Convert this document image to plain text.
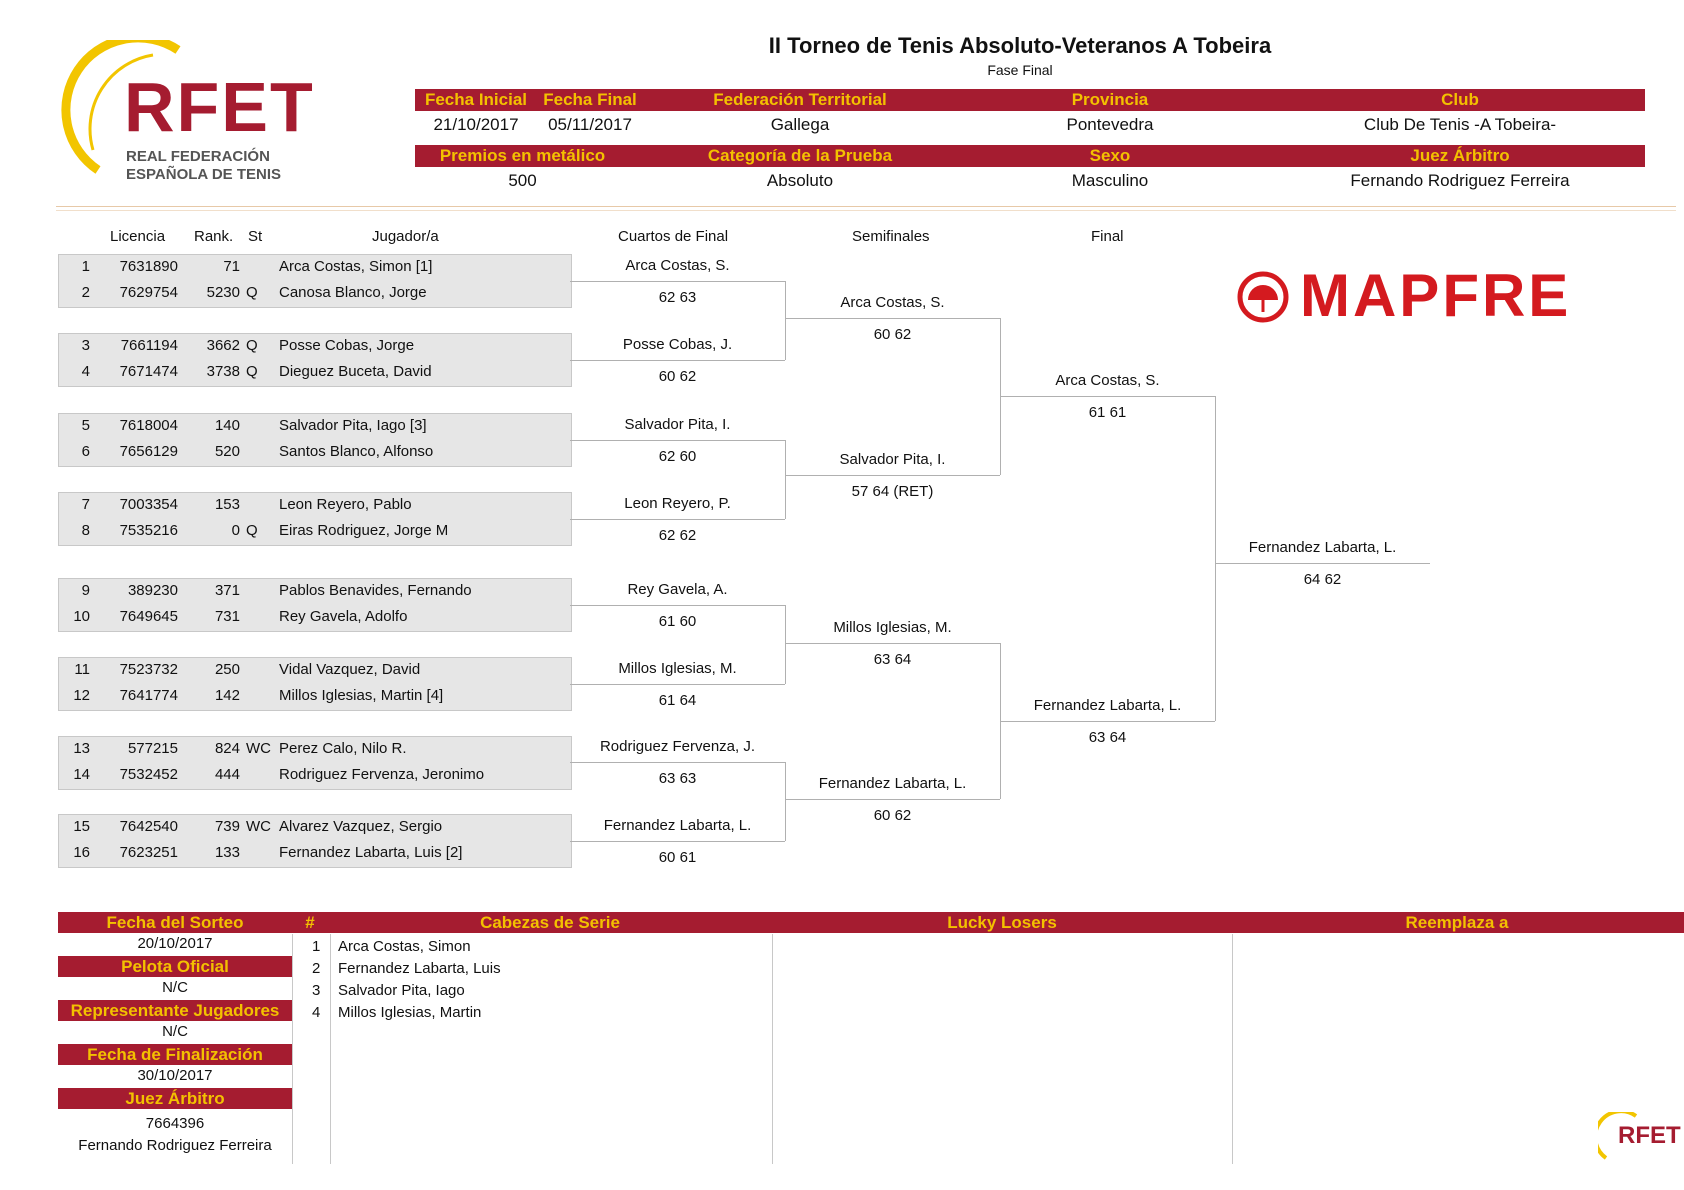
RFET
REAL FEDERACIÓN
ESPAÑOLA DE TENIS
II Torneo de Tenis Absoluto-Veteranos A Tobeira
Fase Final
Fecha Inicial Fecha Final	Federación Territorial	Provincia	Club
21/10/2017	05/11/2017	Gallega	Pontevedra	Club De Tenis -A Tobeira-
Premios en metálico	Categoría de la Prueba	Sexo	Juez Árbitro
500	Absoluto	Masculino	Fernando Rodriguez Ferreira
MAPFRE
Licencia Rank. St	Jugador/a	Cuartos de Final	Semifinales	Final
1	7631890	71	Arca Costas, Simon [1]
2	7629754	5230 Q	Canosa Blanco, Jorge
3	7661194	3662 Q	Posse Cobas, Jorge
4	7671474	3738 Q	Dieguez Buceta, David
5	7618004	140	Salvador Pita, Iago [3]
6	7656129	520	Santos Blanco, Alfonso
7	7003354	153	Leon Reyero, Pablo
8	7535216	0 Q	Eiras Rodriguez, Jorge M
9	389230	371	Pablos Benavides, Fernando
10	7649645	731	Rey Gavela, Adolfo
11	7523732	250	Vidal Vazquez, David
12	7641774	142	Millos Iglesias, Martin [4]
13	577215	824 WC Perez Calo, Nilo R.
14	7532452	444	Rodriguez Fervenza, Jeronimo
15	7642540	739 WC Alvarez Vazquez, Sergio
16	7623251	133	Fernandez Labarta, Luis [2]
Arca Costas, S.
62 63
Posse Cobas, J.
60 62
Salvador Pita, I.
62 60
Leon Reyero, P.
62 62
Rey Gavela, A.
61 60
Millos Iglesias, M.
61 64
Rodriguez Fervenza, J.
63 63
Fernandez Labarta, L.
60 61
Arca Costas, S.
60 62
Salvador Pita, I.
57 64 (RET)
Millos Iglesias, M.
63 64
Fernandez Labarta, L.
60 62
Arca Costas, S.
61 61
Fernandez Labarta, L.
63 64
Fernandez Labarta, L.
64 62
Fecha del Sorteo
20/10/2017
Pelota Oficial
N/C
Representante Jugadores
N/C
Fecha de Finalización
30/10/2017
Juez Árbitro
7664396
Fernando Rodriguez Ferreira
#	Cabezas de Serie	Lucky Losers	Reemplaza a
1 Arca Costas, Simon
2 Fernandez Labarta, Luis
3 Salvador Pita, Iago
4 Millos Iglesias, Martin
RFET
